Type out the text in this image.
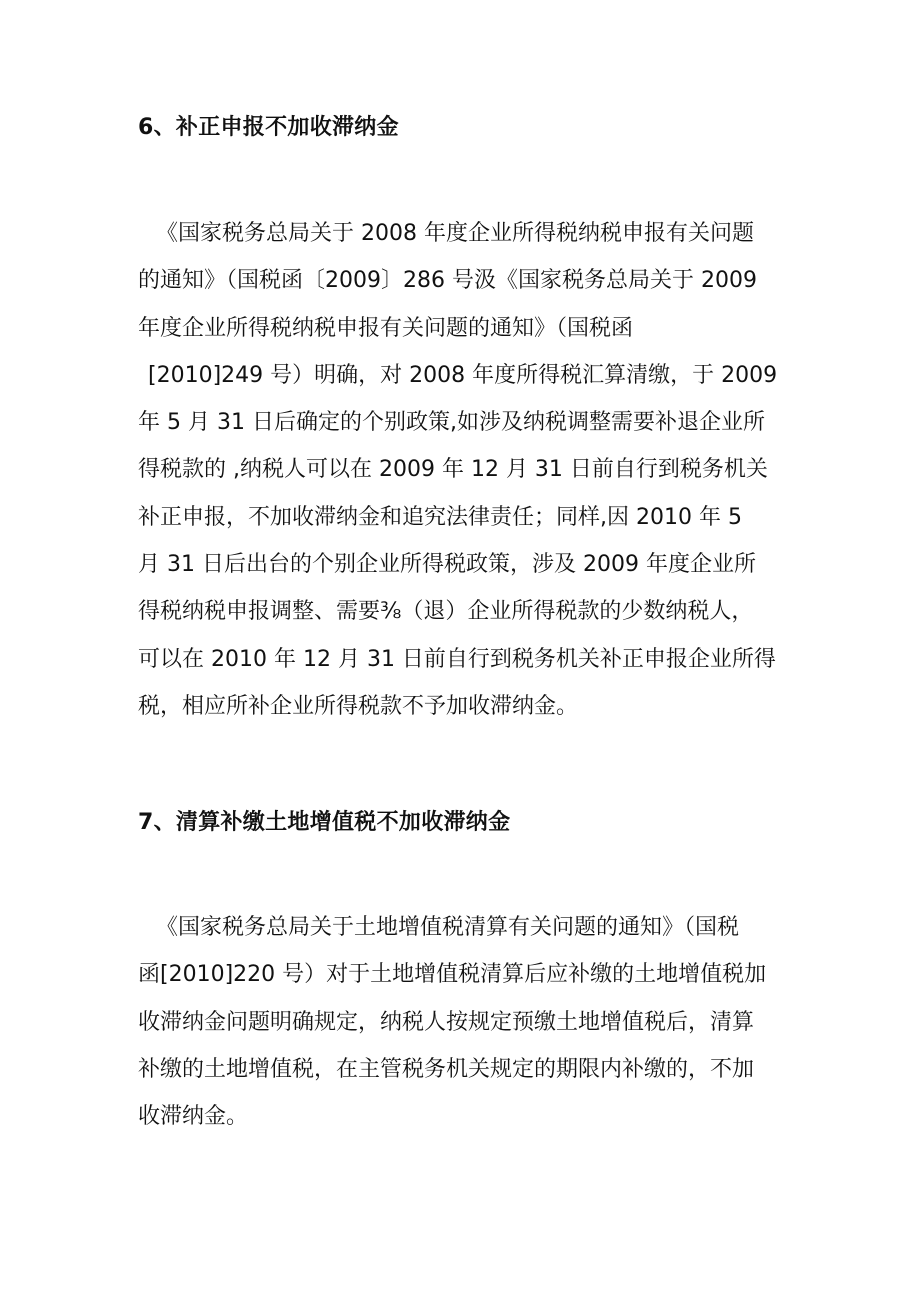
6、补正申报不加收滞纳金
《国家税务总局关于 2008 年度企业所得税纳税申报有关问题
的通知》（国税函〔2009〕286 号汲《国家税务总局关于 2009
年度企业所得税纳税申报有关问题的通知》（国税函
[2010]249 号）明确，对 2008 年度所得税汇算清缴，于 2009
年 5 月 31 日后确定的个别政策,如涉及纳税调整需要补退企业所
得税款的 ,纳税人可以在 2009 年 12 月 31 日前自行到税务机关
补正申报，不加收滞纳金和追究法律责任；同样,因 2010 年 5
月 31 日后出台的个别企业所得税政策，涉及 2009 年度企业所
得税纳税申报调整、需要⅜（退）企业所得税款的少数纳税人，
可以在 2010 年 12 月 31 日前自行到税务机关补正申报企业所得
税，相应所补企业所得税款不予加收滞纳金。
7、清算补缴土地增值税不加收滞纳金
《国家税务总局关于土地增值税清算有关问题的通知》（国税
函[2010]220 号）对于土地增值税清算后应补缴的土地增值税加
收滞纳金问题明确规定，纳税人按规定预缴土地增值税后，清算
补缴的土地增值税，在主管税务机关规定的期限内补缴的，不加
收滞纳金。
